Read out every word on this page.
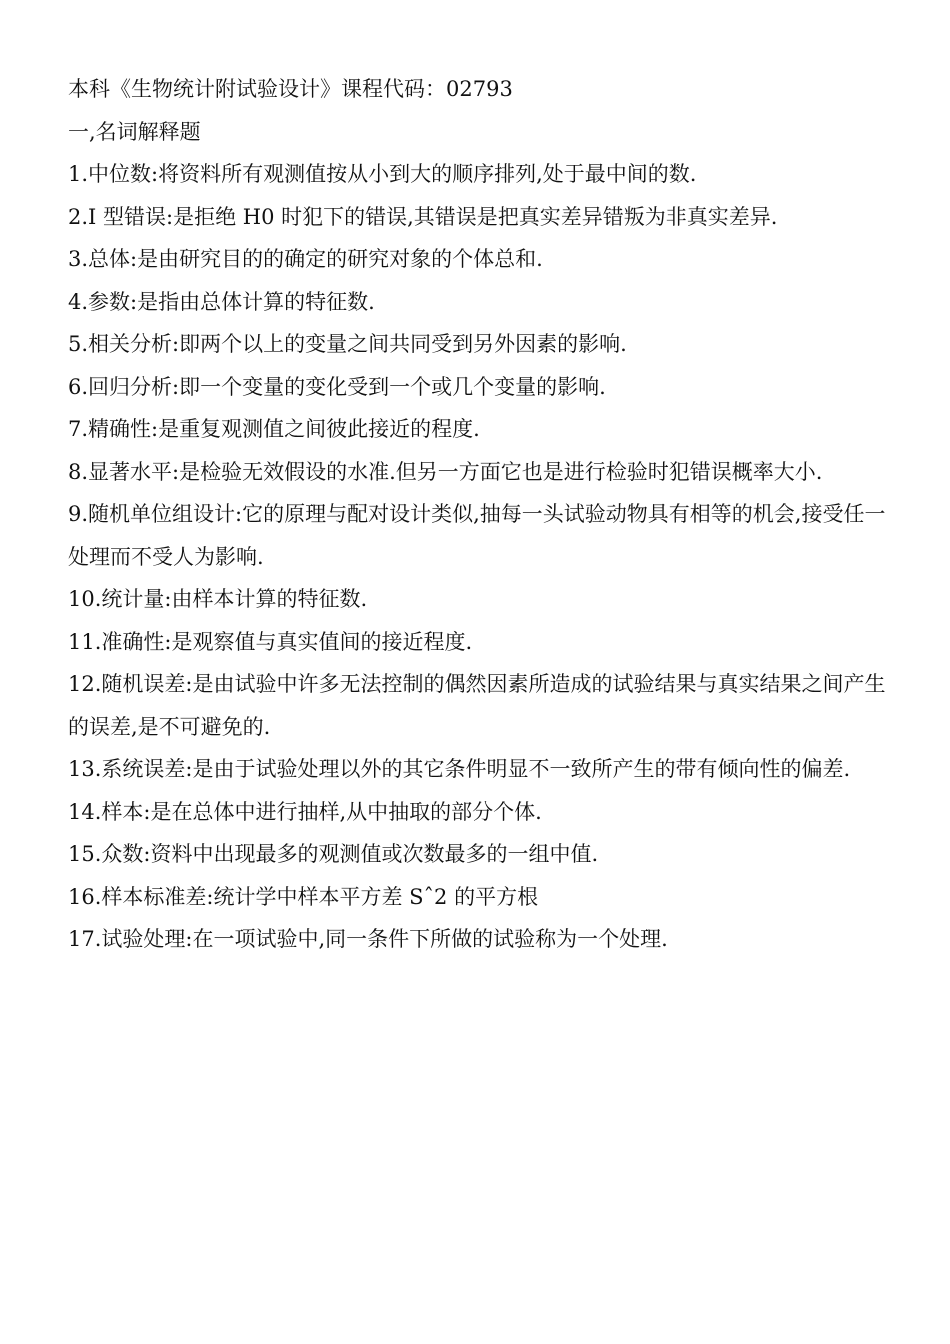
本科《生物统计附试验设计》课程代码：02793
一,名词解释题
1.中位数:将资料所有观测值按从小到大的顺序排列,处于最中间的数.
2.I 型错误:是拒绝 H0 时犯下的错误,其错误是把真实差异错叛为非真实差异.
3.总体:是由研究目的的确定的研究对象的个体总和.
4.参数:是指由总体计算的特征数.
5.相关分析:即两个以上的变量之间共同受到另外因素的影响.
6.回归分析:即一个变量的变化受到一个或几个变量的影响.
7.精确性:是重复观测值之间彼此接近的程度.
8.显著水平:是检验无效假设的水准.但另一方面它也是进行检验时犯错误概率大小.
9.随机单位组设计:它的原理与配对设计类似,抽每一头试验动物具有相等的机会,接受任一处理而不受人为影响.
10.统计量:由样本计算的特征数.
11.准确性:是观察值与真实值间的接近程度.
12.随机误差:是由试验中许多无法控制的偶然因素所造成的试验结果与真实结果之间产生的误差,是不可避免的.
13.系统误差:是由于试验处理以外的其它条件明显不一致所产生的带有倾向性的偏差.
14.样本:是在总体中进行抽样,从中抽取的部分个体.
15.众数:资料中出现最多的观测值或次数最多的一组中值.
16.样本标准差:统计学中样本平方差 Sˆ2 的平方根
17.试验处理:在一项试验中,同一条件下所做的试验称为一个处理.
